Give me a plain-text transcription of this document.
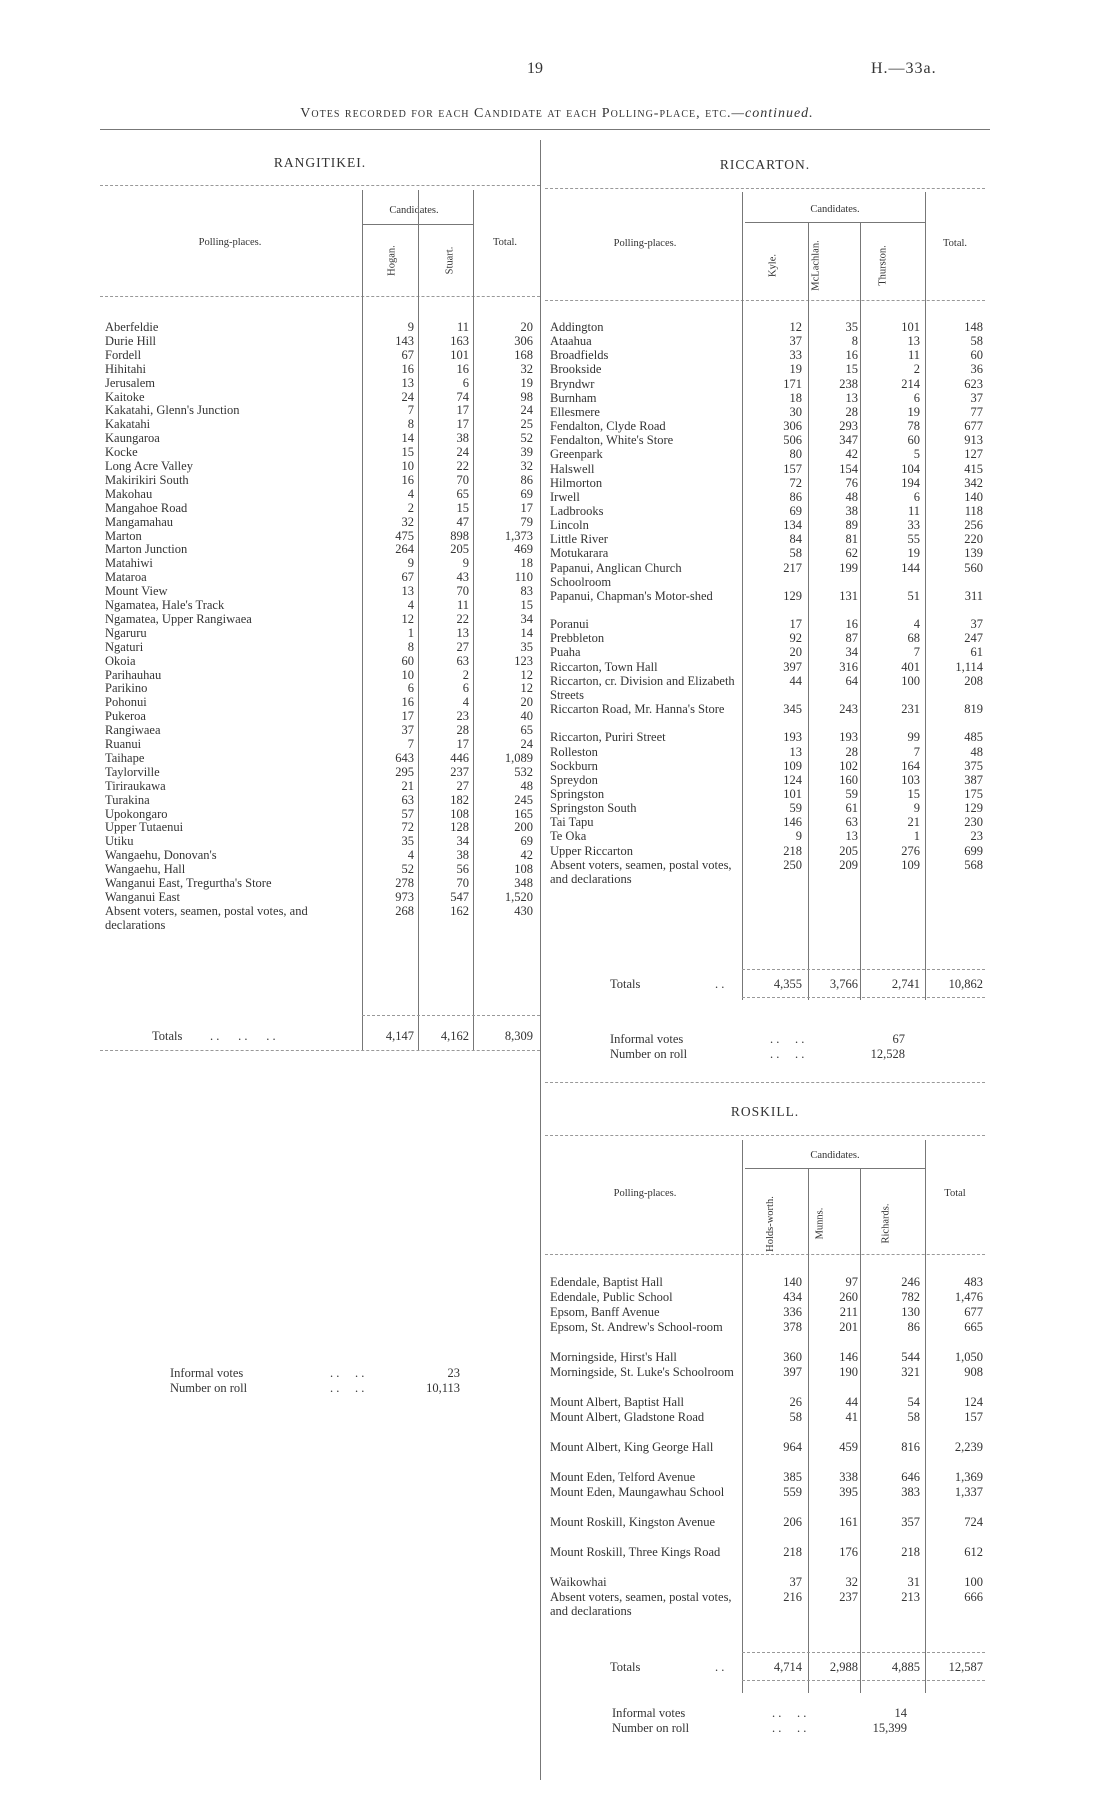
19	H.—33a.
Votes recorded for each Candidate at each Polling-place, etc.—continued.
RANGITIKEI.
Candidates.
Polling-places.	Total.
Hogan.	Stuart.
Aberfeldie	9	11	20
Durie Hill	143	163	306
Fordell	67	101	168
Hihitahi	16	16	32
Jerusalem	13	6	19
Kaitoke	24	74	98
Kakatahi, Glenn's Junction	7	17	24
Kakatahi	8	17	25
Kaungaroa	14	38	52
Kocke	15	24	39
Long Acre Valley	10	22	32
Makirikiri South	16	70	86
Makohau	4	65	69
Mangahoe Road	2	15	17
Mangamahau	32	47	79
Marton	475	898	1,373
Marton Junction	264	205	469
Matahiwi	9	9	18
Mataroa	67	43	110
Mount View	13	70	83
Ngamatea, Hale's Track	4	11	15
Ngamatea, Upper Rangiwaea	12	22	34
Ngaruru	1	13	14
Ngaturi	8	27	35
Okoia	60	63	123
Parihauhau	10	2	12
Parikino	6	6	12
Pohonui	16	4	20
Pukeroa	17	23	40
Rangiwaea	37	28	65
Ruanui	7	17	24
Taihape	643	446	1,089
Taylorville	295	237	532
Tiriraukawa	21	27	48
Turakina	63	182	245
Upokongaro	57	108	165
Upper Tutaenui	72	128	200
Utiku	35	34	69
Wangaehu, Donovan's	4	38	42
Wangaehu, Hall	52	56	108
Wanganui East, Tregurtha's Store	278	70	348
Wanganui East	973	547	1,520
Absent voters, seamen, postal votes, and declarations
268	162	430
Totals . .      . .      . .	4,147	4,162	8,309
Informal votes	. .     . .	23
Number on roll	. .     . .	10,113
RICCARTON.
Candidates.
Polling-places.	Total.
Kyle.	McLachlan.	Thurston.
Addington	12	35	101	148
Ataahua	37	8	13	58
Broadfields	33	16	11	60
Brookside	19	15	2	36
Bryndwr	171	238	214	623
Burnham	18	13	6	37
Ellesmere	30	28	19	77
Fendalton, Clyde Road	306	293	78	677
Fendalton, White's Store	506	347	60	913
Greenpark	80	42	5	127
Halswell	157	154	104	415
Hilmorton	72	76	194	342
Irwell	86	48	6	140
Ladbrooks	69	38	11	118
Lincoln	134	89	33	256
Little River	84	81	55	220
Motukarara	58	62	19	139
Papanui, Anglican Church Schoolroom
217	199	144	560
Papanui, Chapman's Motor-shed	129	131	51	311
Poranui	17	16	4	37
Prebbleton	92	87	68	247
Puaha	20	34	7	61
Riccarton, Town Hall	397	316	401	1,114
Riccarton, cr. Division and Elizabeth Streets
44	64	100	208
Riccarton Road, Mr. Hanna's Store	345	243	231	819
Riccarton, Puriri Street	193	193	99	485
Rolleston	13	28	7	48
Sockburn	109	102	164	375
Spreydon	124	160	103	387
Springston	101	59	15	175
Springston South	59	61	9	129
Tai Tapu	146	63	21	230
Te Oka	9	13	1	23
Upper Riccarton	218	205	276	699
Absent voters, seamen, postal votes, and declarations
250	209	109	568
Totals	. .	4,355	3,766	2,741	10,862
Informal votes	. .     . .	67
Number on roll	. .     . .	12,528
ROSKILL.
Candidates.
Polling-places.	Total
Holds-worth.	Munns.	Richards.
Edendale, Baptist Hall	140	97	246	483
Edendale, Public School	434	260	782	1,476
Epsom, Banff Avenue	336	211	130	677
Epsom, St. Andrew's School-room	378	201	86	665
Morningside, Hirst's Hall	360	146	544	1,050
Morningside, St. Luke's Schoolroom	397	190	321	908
Mount Albert, Baptist Hall	26	44	54	124
Mount Albert, Gladstone Road	58	41	58	157
Mount Albert, King George Hall	964	459	816	2,239
Mount Eden, Telford Avenue	385	338	646	1,369
Mount Eden, Maungawhau School	559	395	383	1,337
Mount Roskill, Kingston Avenue	206	161	357	724
Mount Roskill, Three Kings Road	218	176	218	612
Waikowhai	37	32	31	100
Absent voters, seamen, postal votes, and declarations
216	237	213	666
Totals	. .	4,714	2,988	4,885	12,587
Informal votes	. .     . .	14
Number on roll	. .     . .	15,399
